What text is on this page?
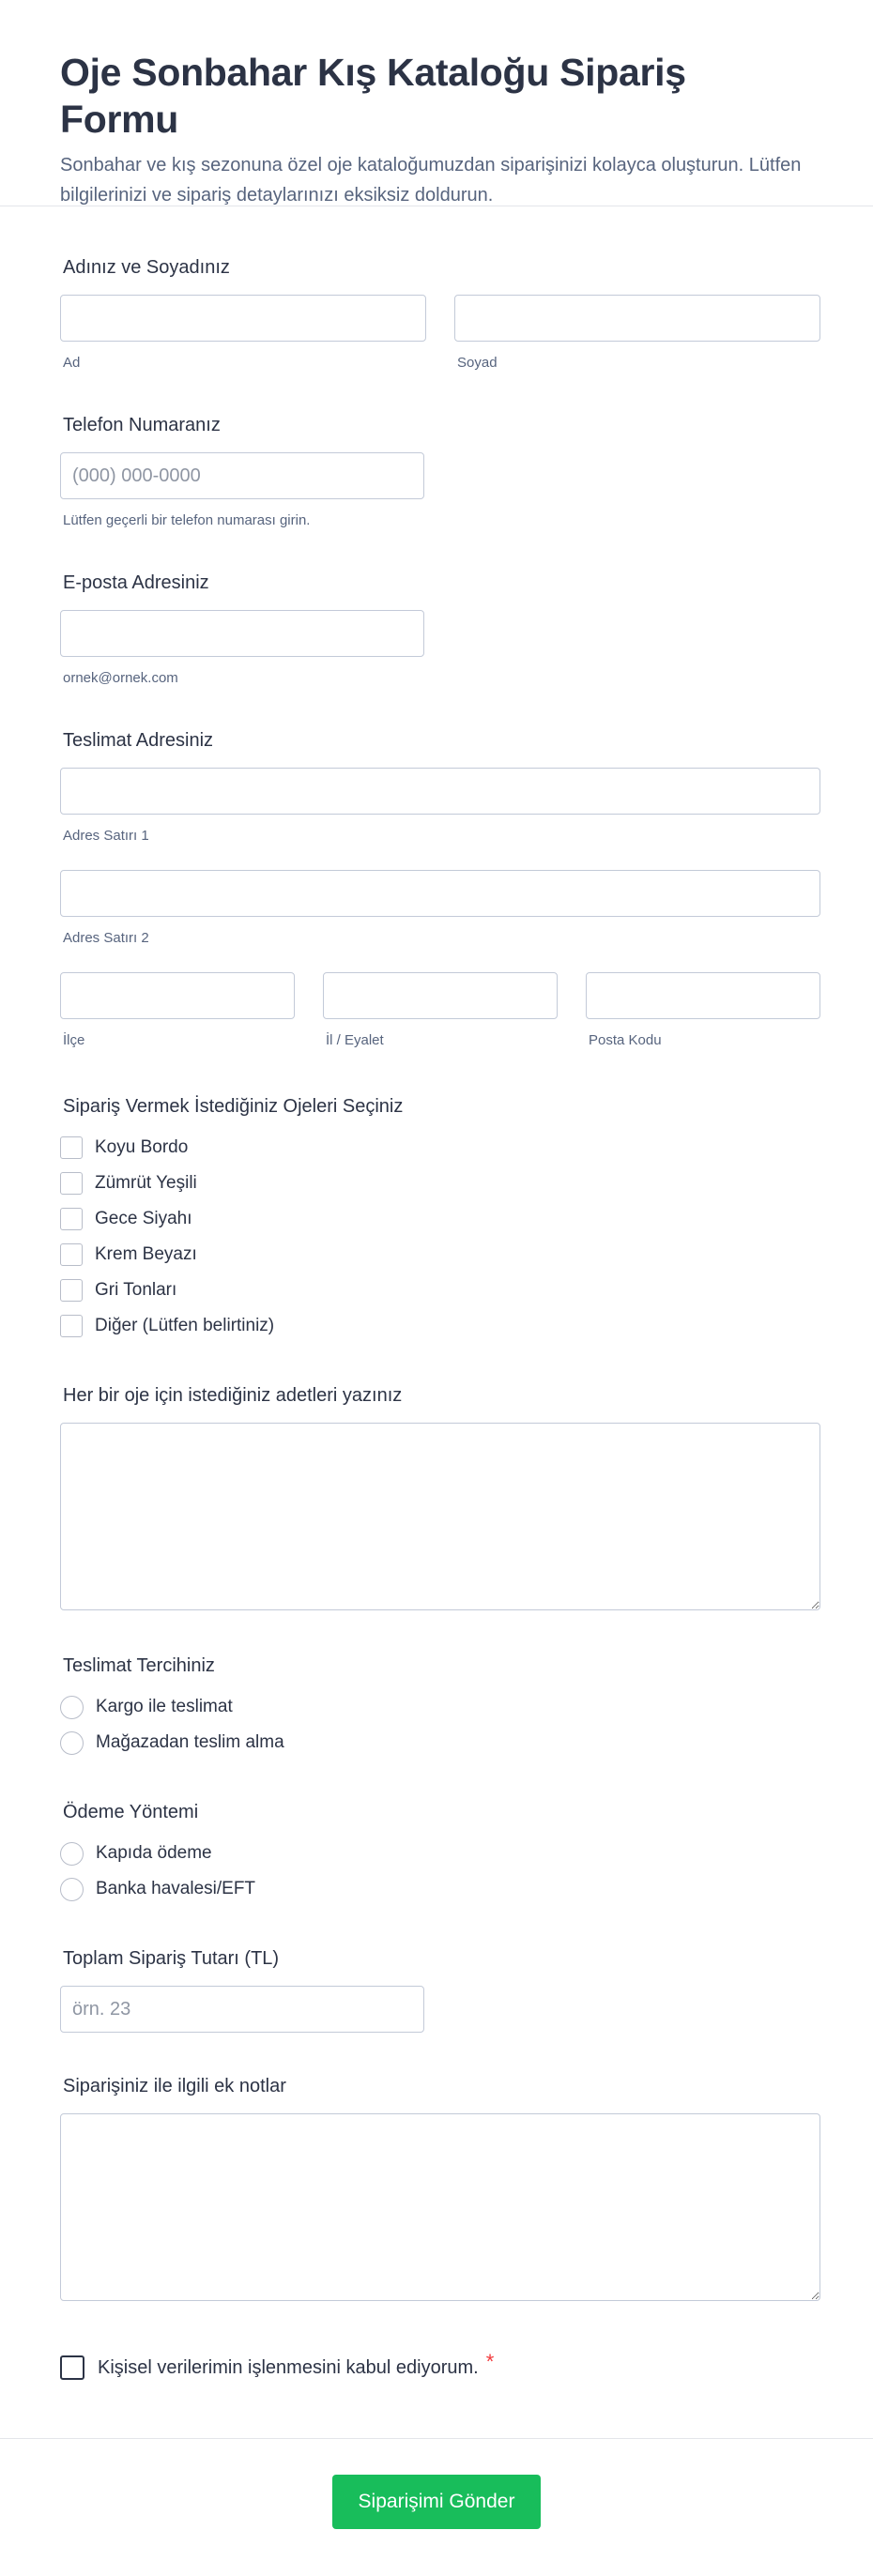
Oje Sonbahar Kış Kataloğu Sipariş Formu

Sonbahar ve kış sezonuna özel oje kataloğumuzdan siparişinizi kolayca oluşturun. Lütfen bilgilerinizi ve sipariş detaylarınızı eksiksiz doldurun.

Adınız ve Soyadınız
Ad	Soyad
Telefon Numaranız
(000) 000-0000
Lütfen geçerli bir telefon numarası girin.
E-posta Adresiniz
ornek@ornek.com
Teslimat Adresiniz
Adres Satırı 1
Adres Satırı 2
İlçe	İl / Eyalet	Posta Kodu
Sipariş Vermek İstediğiniz Ojeleri Seçiniz
Koyu Bordo
Zümrüt Yeşili
Gece Siyahı
Krem Beyazı
Gri Tonları
Diğer (Lütfen belirtiniz)
Her bir oje için istediğiniz adetleri yazınız
Teslimat Tercihiniz
Kargo ile teslimat
Mağazadan teslim alma
Ödeme Yöntemi
Kapıda ödeme
Banka havalesi/EFT
Toplam Sipariş Tutarı (TL)
örn. 23
Siparişiniz ile ilgili ek notlar
Kişisel verilerimin işlenmesini kabul ediyorum. *
Siparişimi Gönder
